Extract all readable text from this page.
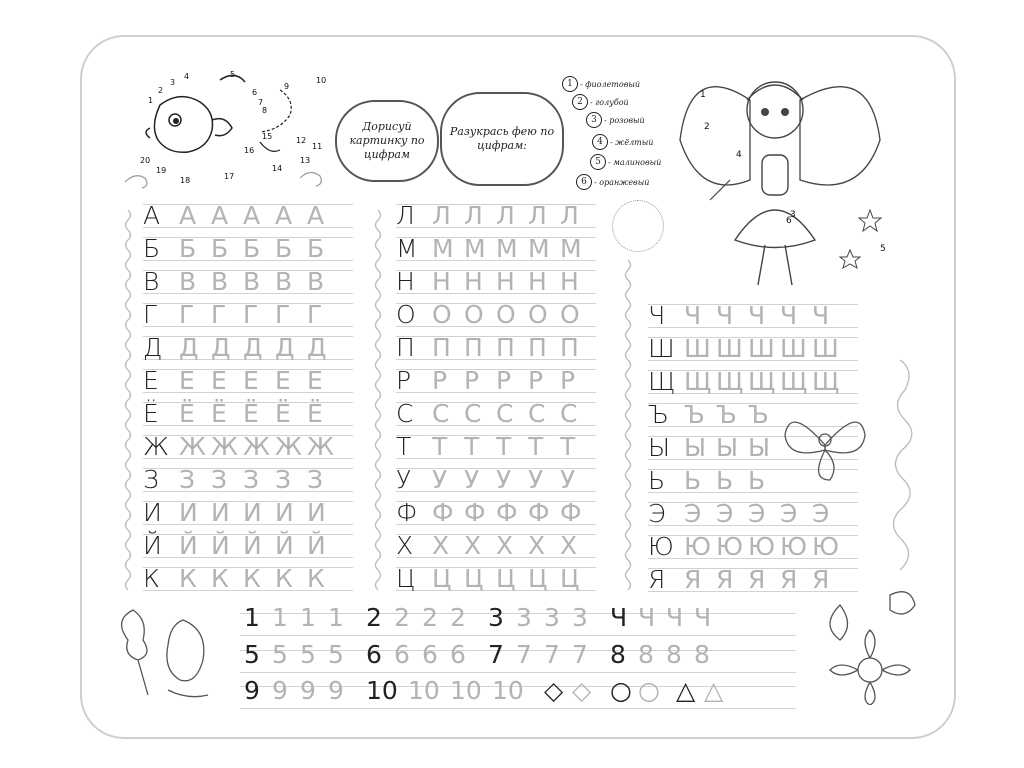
1
2
3
4	5
6
7
8
9
10
11
12
13
14
15
16
17
18
19
20
Дорисуй картинку по цифрам
Разукрась фею по цифрам:
1 - фиолетовый
2 - голубой
3 - розовый
4 - жёлтый
5 - малиновый
6 - оранжевый
1
2
3
4
5
6
А А А А А А
Б Б Б Б Б Б
В В В В В В
Г Г Г Г Г Г
Д Д Д Д Д Д
Е Е Е Е Е Е
Ё Ё Ё Ё Ё Ё
Ж Ж Ж Ж Ж Ж
З З З З З З
И И И И И И
Й Й Й Й Й Й
К К К К К К
Л Л Л Л Л Л
М М М М М М
Н Н Н Н Н Н
О О О О О О
П П П П П П
Р Р Р Р Р Р
С С С С С С
Т Т Т Т Т Т
У У У У У У
Ф Ф Ф Ф Ф Ф
Х Х Х Х Х Х
Ц Ц Ц Ц Ц Ц
Ч Ч Ч Ч Ч Ч
Ш Ш Ш Ш Ш Ш
Щ Щ Щ Щ Щ Щ
Ъ Ъ Ъ Ъ
Ы Ы Ы Ы
Ь Ь Ь Ь
Э Э Э Э Э Э
Ю Ю Ю Ю Ю Ю
Я Я Я Я Я Я
1 1 1 1 2 2 2 2 3 3 3 3 Ч Ч Ч Ч
5 5 5 5 6 6 6 6 7 7 7 7 8 8 8 8
9 9 9 9 10 10 10 10 ◇ ◇ ○ ○ △ △
